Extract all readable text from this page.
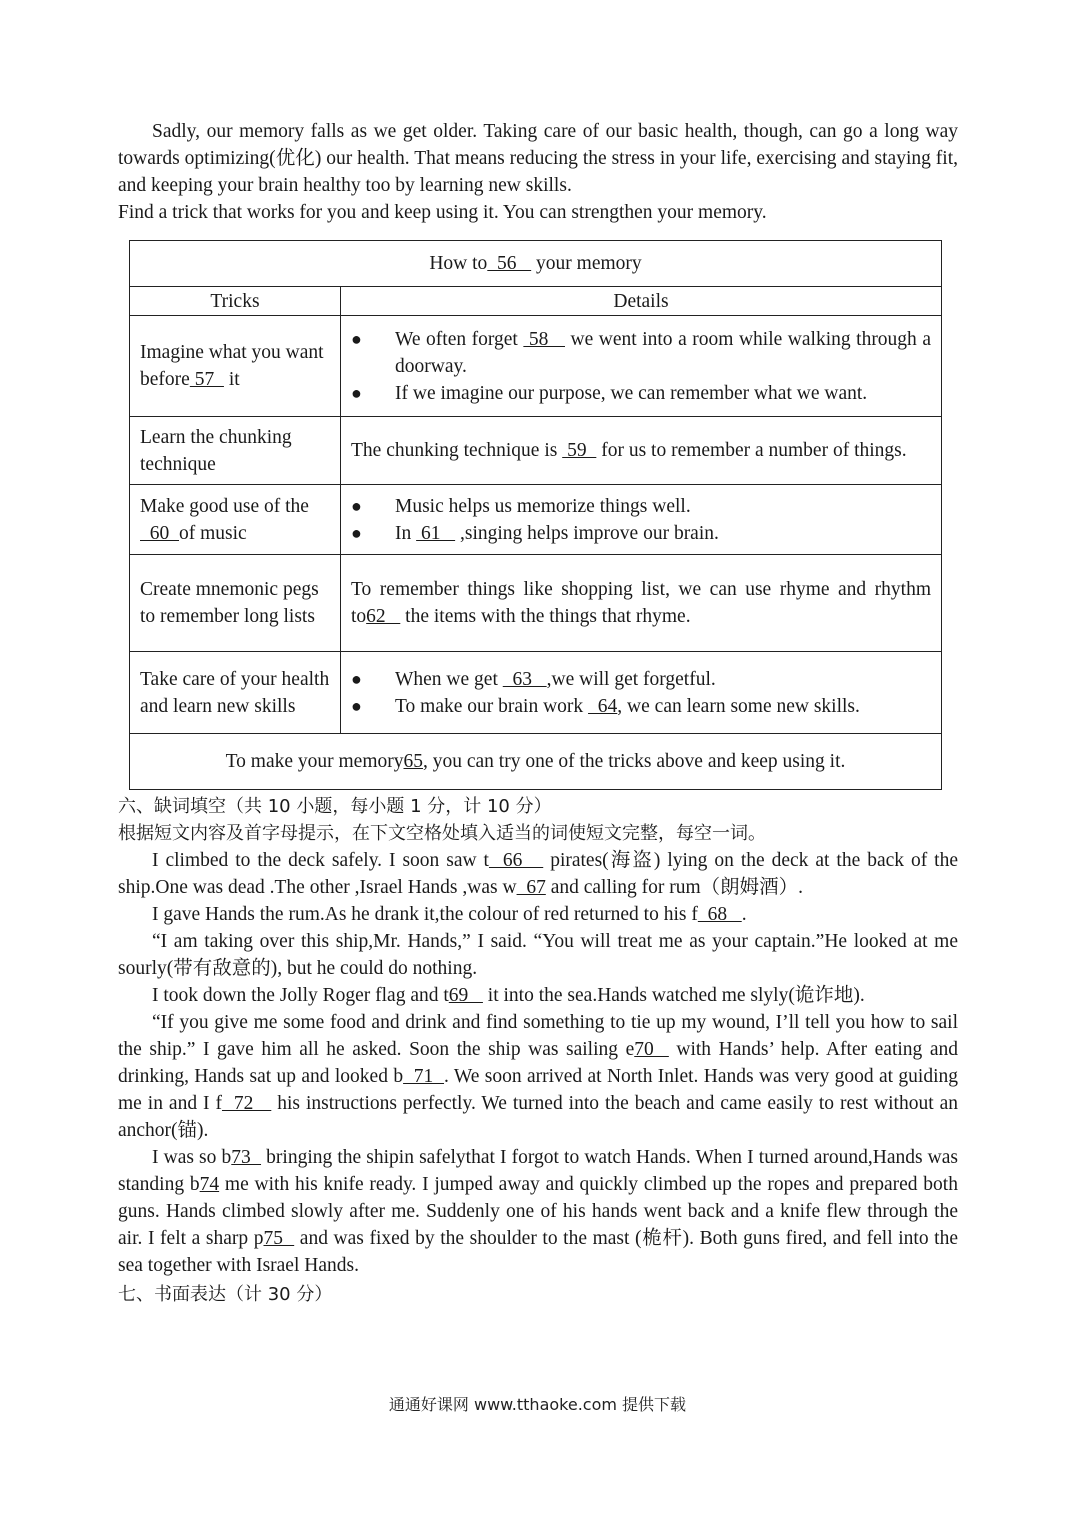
Sadly, our memory falls as we get older. Taking care of our basic health, though, can go a long way towards optimizing(优化) our health. That means reducing the stress in your life, exercising and staying fit, and keeping your brain healthy too by learning new skills.

Find a trick that works for you and keep using it. You can strengthen your memory.

How to  56    your memory	
Tricks	Details
Imagine what you want before 57   it	● We often forget  58    we went into a room while walking through a doorway.
● If we imagine our purpose, we can remember what we want.

Learn the chunking technique	The chunking technique is  59   for us to remember a number of things.
Make good use of the   60  of music	● Music helps us memorize things well.
● In  61    ,singing helps improve our brain.

Create mnemonic pegs to remember long lists	To remember things like shopping list, we can use rhyme and rhythm to62    the items with the things that rhyme.
Take care of your health and learn new skills	● When we get   63   ,we will get forgetful.
● To make our brain work   64, we can learn some new skills.

To make your memory65, you can try one of the tricks above and keep using it.	

六、缺词填空（共 10 小题，每小题 1 分，计 10 分）

根据短文内容及首字母提示，在下文空格处填入适当的词使短文完整，每空一词。

I climbed to the deck safely. I soon saw t  66    pirates(海盗) lying on the deck at the back of the ship.One was dead .The other ,Israel Hands ,was w  67 and calling for rum（朗姆酒）.

I gave Hands the rum.As he drank it,the colour of red returned to his f  68   .

“I am taking over this ship,Mr. Hands,” I said. “You will treat me as your captain.”He looked at me sourly(带有敌意的), but he could do nothing.

I took down the Jolly Roger flag and t69    it into the sea.Hands watched me slyly(诡诈地).

“If you give me some food and drink and find something to tie up my wound, I’ll tell you how to sail the ship.” I gave him all he asked. Soon the ship was sailing e70   with Hands’ help. After eating and drinking, Hands sat up and looked b  71  . We soon arrived at North Inlet. Hands was very good at guiding me in and I f  72    his instructions perfectly. We turned into the beach and came easily to rest without an anchor(锚).

I was so b73   bringing the shipin safelythat I forgot to watch Hands. When I turned around,Hands was standing b74 me with his knife ready. I jumped away and quickly climbed up the ropes and prepared both guns. Hands climbed slowly after me. Suddenly one of his hands went back and a knife flew through the air. I felt a sharp p75   and was fixed by the shoulder to the mast (桅杆). Both guns fired, and fell into the sea together with Israel Hands.

七、书面表达（计 30 分）

通通好课网 www.tthaoke.com 提供下载
